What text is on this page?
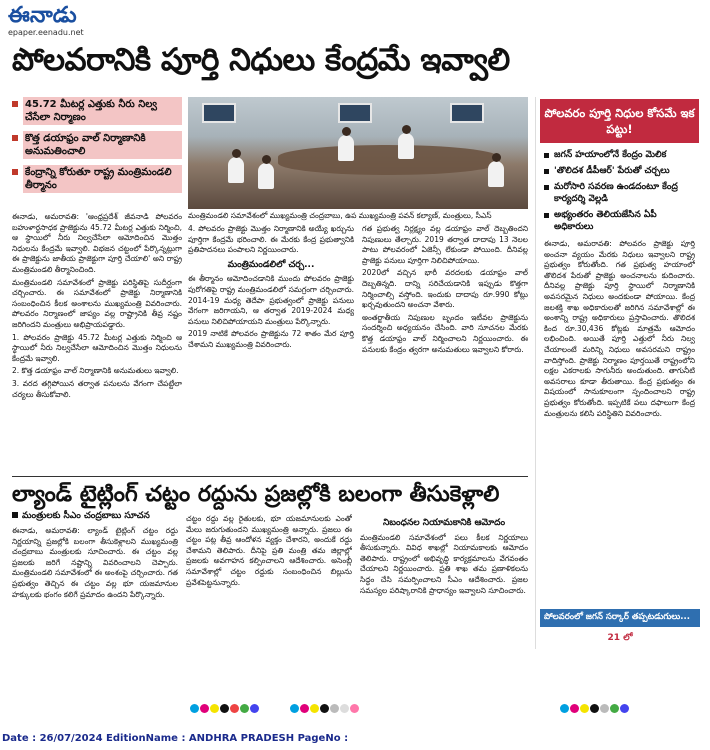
ఈనాడు
epaper.eenadu.net
పోలవరానికి పూర్తి నిధులు కేంద్రమే ఇవ్వాలి
45.72 మీటర్ల ఎత్తుకు నీరు నిల్వ చేసేలా నిర్మాణం
కొత్త డయాఫ్రం వాల్ నిర్మాణానికి అనుమతించాలి
కేంద్రాన్ని కోరుతూ రాష్ట్ర మంత్రిమండలి తీర్మానం
మంత్రిమండలి సమావేశంలో ముఖ్యమంత్రి చంద్రబాబు, ఉప ముఖ్యమంత్రి పవన్ కల్యాణ్, మంత్రులు, సీఎస్

ఈనాడు, అమరావతి: 'ఆంధ్రప్రదేశ్ జీవనాడి పోలవరం బహుళార్థసాధక ప్రాజెక్టును 45.72 మీటర్ల ఎత్తుకు నిర్మించి, ఆ స్థాయిలో నీరు నిల్వచేసేలా ఆమోదించిన మొత్తం నిధులను కేంద్రమే ఇవ్వాలి. విభజన చట్టంలో పేర్కొన్నట్లుగా ఈ ప్రాజెక్టును జాతీయ ప్రాజెక్టుగా పూర్తి చేయాలి' అని రాష్ట్ర మంత్రిమండలి తీర్మానించింది.

మంత్రిమండలి సమావేశంలో ప్రాజెక్టు పరిస్థితిపై సుదీర్ఘంగా చర్చించారు. ఈ సమావేశంలో ప్రాజెక్టు నిర్మాణానికి సంబంధించిన కీలక అంశాలను ముఖ్యమంత్రి వివరించారు. పోలవరం నిర్మాణంలో జాప్యం వల్ల రాష్ట్రానికి తీవ్ర నష్టం జరిగిందని మంత్రులు అభిప్రాయపడ్డారు.

1. పోలవరం ప్రాజెక్టు 45.72 మీటర్ల ఎత్తుకు నిర్మించి ఆ స్థాయిలో నీరు నిల్వచేసేలా ఆమోదించిన మొత్తం నిధులను కేంద్రమే ఇవ్వాలి.

2. కొత్త డయాఫ్రం వాల్ నిర్మాణానికి అనుమతులు ఇవ్వాలి.

3. వరద తగ్గిపోయిన తర్వాత పనులను వేగంగా చేపట్టేలా చర్యలు తీసుకోవాలి.

4. పోలవరం ప్రాజెక్టు మొత్తం నిర్మాణానికి అయ్యే ఖర్చును పూర్తిగా కేంద్రమే భరించాలి. ఈ మేరకు కేంద్ర ప్రభుత్వానికి ప్రతిపాదనలు పంపాలని నిర్ణయించారు.

మంత్రిమండలిలో చర్చ...

ఈ తీర్మానం ఆమోదించడానికి ముందు పోలవరం ప్రాజెక్టు పురోగతిపై రాష్ట్ర మంత్రిమండలిలో సమగ్రంగా చర్చించారు. 2014-19 మధ్య తెదేపా ప్రభుత్వంలో ప్రాజెక్టు పనులు వేగంగా జరిగాయని, ఆ తర్వాత 2019-2024 మధ్య పనులు నిలిచిపోయాయని మంత్రులు పేర్కొన్నారు.

2019 నాటికే పోలవరం ప్రాజెక్టును 72 శాతం మేర పూర్తి చేశామని ముఖ్యమంత్రి వివరించారు.

గత ప్రభుత్వ నిర్లక్ష్యం వల్ల డయాఫ్రం వాల్ దెబ్బతిందని నిపుణులు తేల్చారు. 2019 తర్వాత దాదాపు 13 నెలల పాటు పోలవరంలో ఏజెన్సీ లేకుండా పోయింది. దీనివల్ల ప్రాజెక్టు పనులు పూర్తిగా నిలిచిపోయాయి.

2020లో వచ్చిన భారీ వరదలకు డయాఫ్రం వాల్ దెబ్బతిన్నది. దాన్ని సరిచేయడానికి ఇప్పుడు కొత్తగా నిర్మించాల్సి వస్తోంది. ఇందుకు దాదాపు రూ.990 కోట్లు ఖర్చవుతుందని అంచనా వేశారు.

అంతర్జాతీయ నిపుణుల బృందం ఇటీవల ప్రాజెక్టును సందర్శించి అధ్యయనం చేసింది. వారి సూచనల మేరకు కొత్త డయాఫ్రం వాల్ నిర్మించాలని నిర్ణయించారు. ఈ పనులకు కేంద్రం త్వరగా అనుమతులు ఇవ్వాలని కోరారు.

పోలవరం పూర్తి నిధుల కోసమే ఇక పట్టు!
జగన్ హయాంలోనే కేంద్రం మెలిక
'తొలిదశ డీపీఆర్' పేరుతో చర్చలు
మరోసారి సవరణ ఉండదంటూ కేంద్ర కార్యదర్శి వెల్లడి
అభ్యంతరం తెలియజేసిన ఏపీ అధికారులు
ఈనాడు, అమరావతి: పోలవరం ప్రాజెక్టు పూర్తి అంచనా వ్యయం మేరకు నిధులు ఇవ్వాలని రాష్ట్ర ప్రభుత్వం కోరుతోంది. గత ప్రభుత్వ హయాంలో తొలిదశ పేరుతో ప్రాజెక్టు అంచనాలను కుదించారు. దీనివల్ల ప్రాజెక్టు పూర్తి స్థాయిలో నిర్మాణానికి అవసరమైన నిధులు అందకుండా పోయాయి. కేంద్ర జలశక్తి శాఖ అధికారులతో జరిగిన సమావేశాల్లో ఈ అంశాన్ని రాష్ట్ర అధికారులు ప్రస్తావించారు. తొలిదశ కింద రూ.30,436 కోట్లకు మాత్రమే ఆమోదం లభించింది. అయితే పూర్తి ఎత్తులో నీరు నిల్వ చేయాలంటే మరిన్ని నిధులు అవసరమని రాష్ట్రం వాదిస్తోంది. ప్రాజెక్టు నిర్మాణం పూర్తయితే రాష్ట్రంలోని లక్షల ఎకరాలకు సాగునీరు అందుతుంది. తాగునీటి అవసరాలు కూడా తీరుతాయి. కేంద్ర ప్రభుత్వం ఈ విషయంలో సానుకూలంగా స్పందించాలని రాష్ట్ర ప్రభుత్వం కోరుతోంది. ఇప్పటికే పలు దఫాలుగా కేంద్ర మంత్రులను కలిసి పరిస్థితిని వివరించారు.
పోలవరంలో జగన్ సర్కార్ తప్పటడుగులు...
21 లో
ల్యాండ్ టైట్లింగ్ చట్టం రద్దును ప్రజల్లోకి బలంగా తీసుకెళ్లాలి
మంత్రులకు సీఎం చంద్రబాబు సూచన

ఈనాడు, అమరావతి: ల్యాండ్ టైట్లింగ్ చట్టం రద్దు నిర్ణయాన్ని ప్రజల్లోకి బలంగా తీసుకెళ్లాలని ముఖ్యమంత్రి చంద్రబాబు మంత్రులకు సూచించారు. ఈ చట్టం వల్ల ప్రజలకు జరిగే నష్టాన్ని వివరించాలని చెప్పారు. మంత్రిమండలి సమావేశంలో ఈ అంశంపై చర్చించారు. గత ప్రభుత్వం తెచ్చిన ఈ చట్టం వల్ల భూ యజమానుల హక్కులకు భంగం కలిగే ప్రమాదం ఉందని పేర్కొన్నారు.

చట్టం రద్దు వల్ల రైతులకు, భూ యజమానులకు ఎంతో మేలు జరుగుతుందని ముఖ్యమంత్రి అన్నారు. ప్రజలు ఈ చట్టం పట్ల తీవ్ర ఆందోళన వ్యక్తం చేశారని, అందుకే రద్దు చేశామని తెలిపారు. దీనిపై ప్రతి మంత్రి తమ జిల్లాల్లో ప్రజలకు అవగాహన కల్పించాలని ఆదేశించారు. అసెంబ్లీ సమావేశాల్లో చట్టం రద్దుకు సంబంధించిన బిల్లును ప్రవేశపెట్టనున్నారు.

నిబంధనల నియామకానికి ఆమోదం

మంత్రిమండలి సమావేశంలో పలు కీలక నిర్ణయాలు తీసుకున్నారు. వివిధ శాఖల్లో నియామకాలకు ఆమోదం తెలిపారు. రాష్ట్రంలో అభివృద్ధి కార్యక్రమాలను వేగవంతం చేయాలని నిర్ణయించారు. ప్రతి శాఖ తమ ప్రణాళికలను సిద్ధం చేసి సమర్పించాలని సీఎం ఆదేశించారు. ప్రజల సమస్యల పరిష్కారానికి ప్రాధాన్యం ఇవ్వాలని సూచించారు.

Date : 26/07/2024 EditionName : ANDHRA PRADESH PageNo :
